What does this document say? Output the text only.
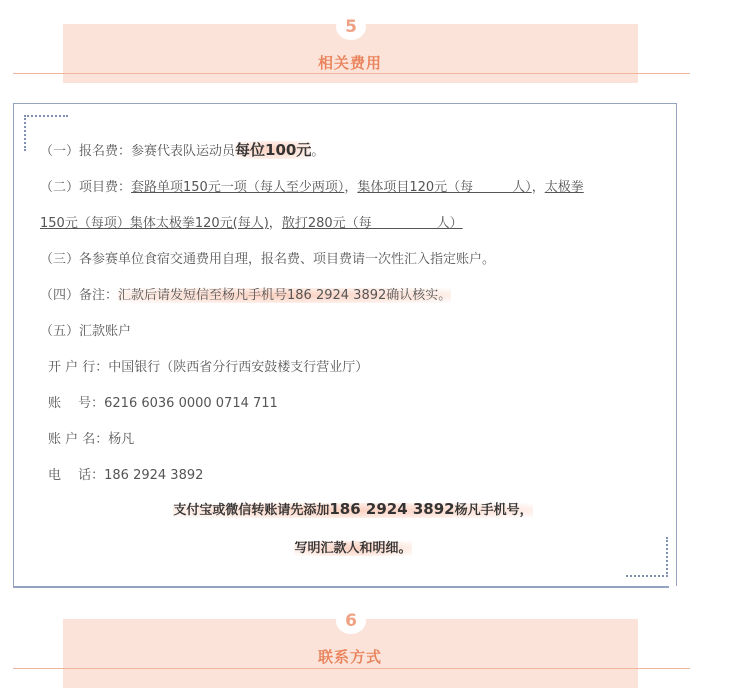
5
相关费用
（一）报名费：参赛代表队运动员每位100元。
（二）项目费：套路单项150元一项（每人至少两项），集体项目120元（每　　　人），太极拳
150元（每项）集体太极拳120元(每人)，散打280元（每　　　　　人）
（三）各参赛单位食宿交通费用自理，报名费、项目费请一次性汇入指定账户。
（四）备注：汇款后请发短信至杨凡手机号186 2924 3892确认核实。
（五）汇款账户
开 户 行：中国银行（陕西省分行西安鼓楼支行营业厅）
账　 号：6216 6036 0000 0714 711
账 户 名：杨凡
电　 话：186 2924 3892
支付宝或微信转账请先添加186 2924 3892杨凡手机号，
写明汇款人和明细。
6
联系方式
